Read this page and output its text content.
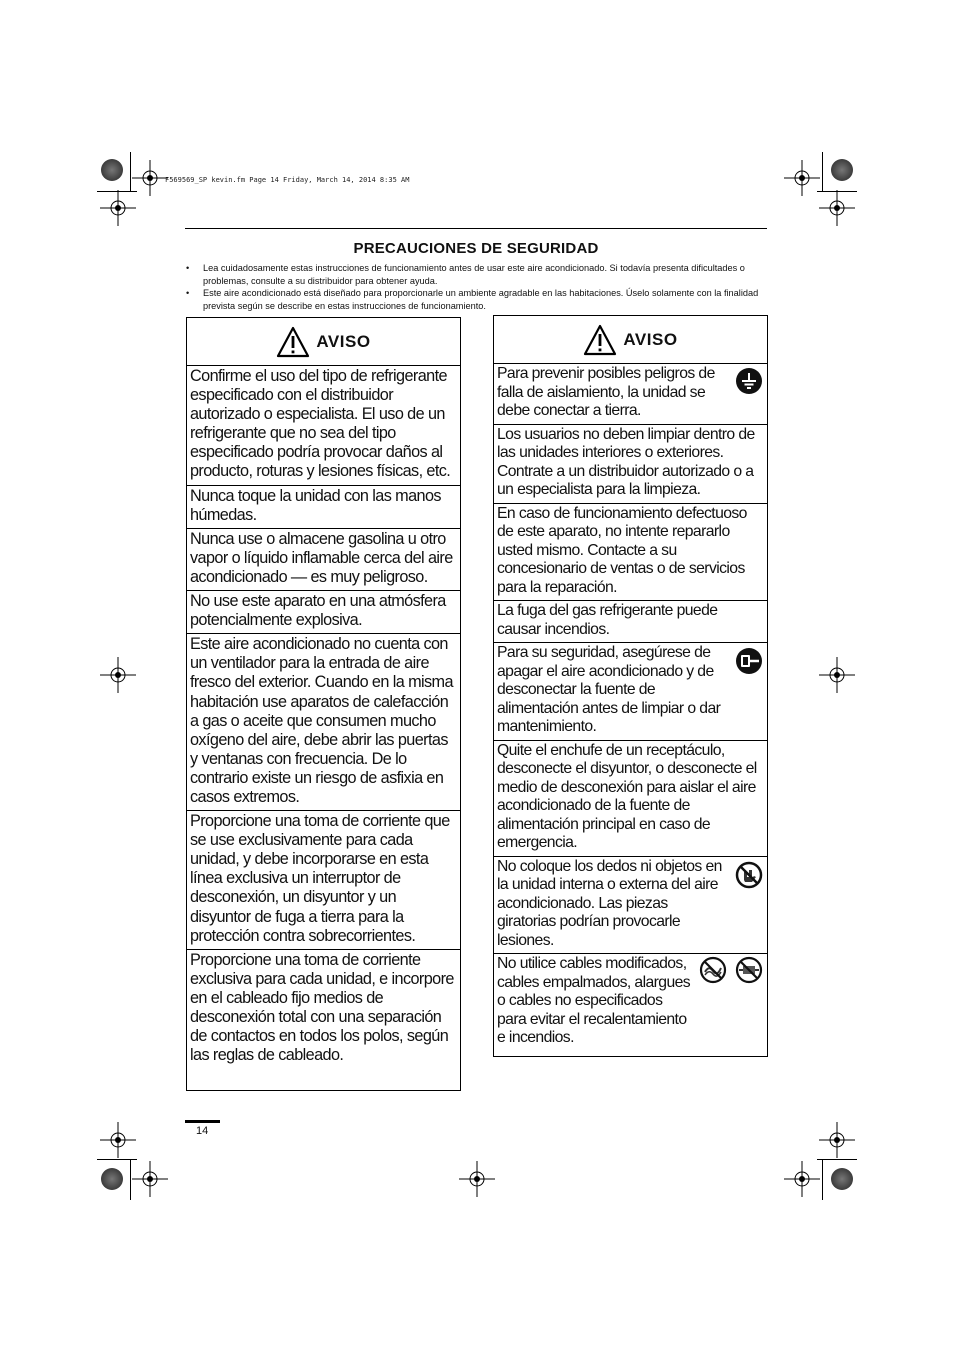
F569569_SP kevin.fm Page 14 Friday, March 14, 2014 8:35 AM
PRECAUCIONES DE SEGURIDAD
• Lea cuidadosamente estas instrucciones de funcionamiento antes de usar este aire acondicionado. Si todavía presenta dificultades o problemas, consulte a su distribuidor para obtener ayuda.
• Este aire acondicionado está diseñado para proporcionarle un ambiente agradable en las habitaciones. Úselo solamente con la finalidad prevista según se describe en estas instrucciones de funcionamiento.
AVISO
Confirme el uso del tipo de refrigerante especificado con el distribuidor autorizado o especialista. El uso de un refrigerante que no sea del tipo especificado podría provocar daños al producto, roturas y lesiones físicas, etc.
Nunca toque la unidad con las manos húmedas.
Nunca use o almacene gasolina u otro vapor o líquido inflamable cerca del aire acondicionado — es muy peligroso.
No use este aparato en una atmósfera potencialmente explosiva.
Este aire acondicionado no cuenta con un ventilador para la entrada de aire fresco del exterior. Cuando en la misma habitación use aparatos de calefacción a gas o aceite que consumen mucho oxígeno del aire, debe abrir las puertas y ventanas con frecuencia. De lo contrario existe un riesgo de asfixia en casos extremos.
Proporcione una toma de corriente que se use exclusivamente para cada unidad, y debe incorporarse en esta línea exclusiva un interruptor de desconexión, un disyuntor y un disyuntor de fuga a tierra para la protección contra sobrecorrientes.
Proporcione una toma de corriente exclusiva para cada unidad, e incorpore en el cableado fijo medios de desconexión total con una separación de contactos en todos los polos, según las reglas de cableado.
AVISO
Para prevenir posibles peligros de falla de aislamiento, la unidad se debe conectar a tierra.
Los usuarios no deben limpiar dentro de las unidades interiores o exteriores. Contrate a un distribuidor autorizado o a un especialista para la limpieza.
En caso de funcionamiento defectuoso de este aparato, no intente repararlo usted mismo. Contacte a su concesionario de ventas o de servicios para la reparación.
La fuga del gas refrigerante puede causar incendios.
Para su seguridad, asegúrese de apagar el aire acondicionado y de desconectar la fuente de alimentación antes de limpiar o dar mantenimiento.
Quite el enchufe de un receptáculo, desconecte el disyuntor, o desconecte el medio de desconexión para aislar el aire acondicionado de la fuente de alimentación principal en caso de emergencia.
No coloque los dedos ni objetos en la unidad interna o externa del aire acondicionado. Las piezas giratorias podrían provocarle lesiones.
No utilice cables modificados, cables empalmados, alargues o cables no especificados para evitar el recalentamiento e incendios.
14
